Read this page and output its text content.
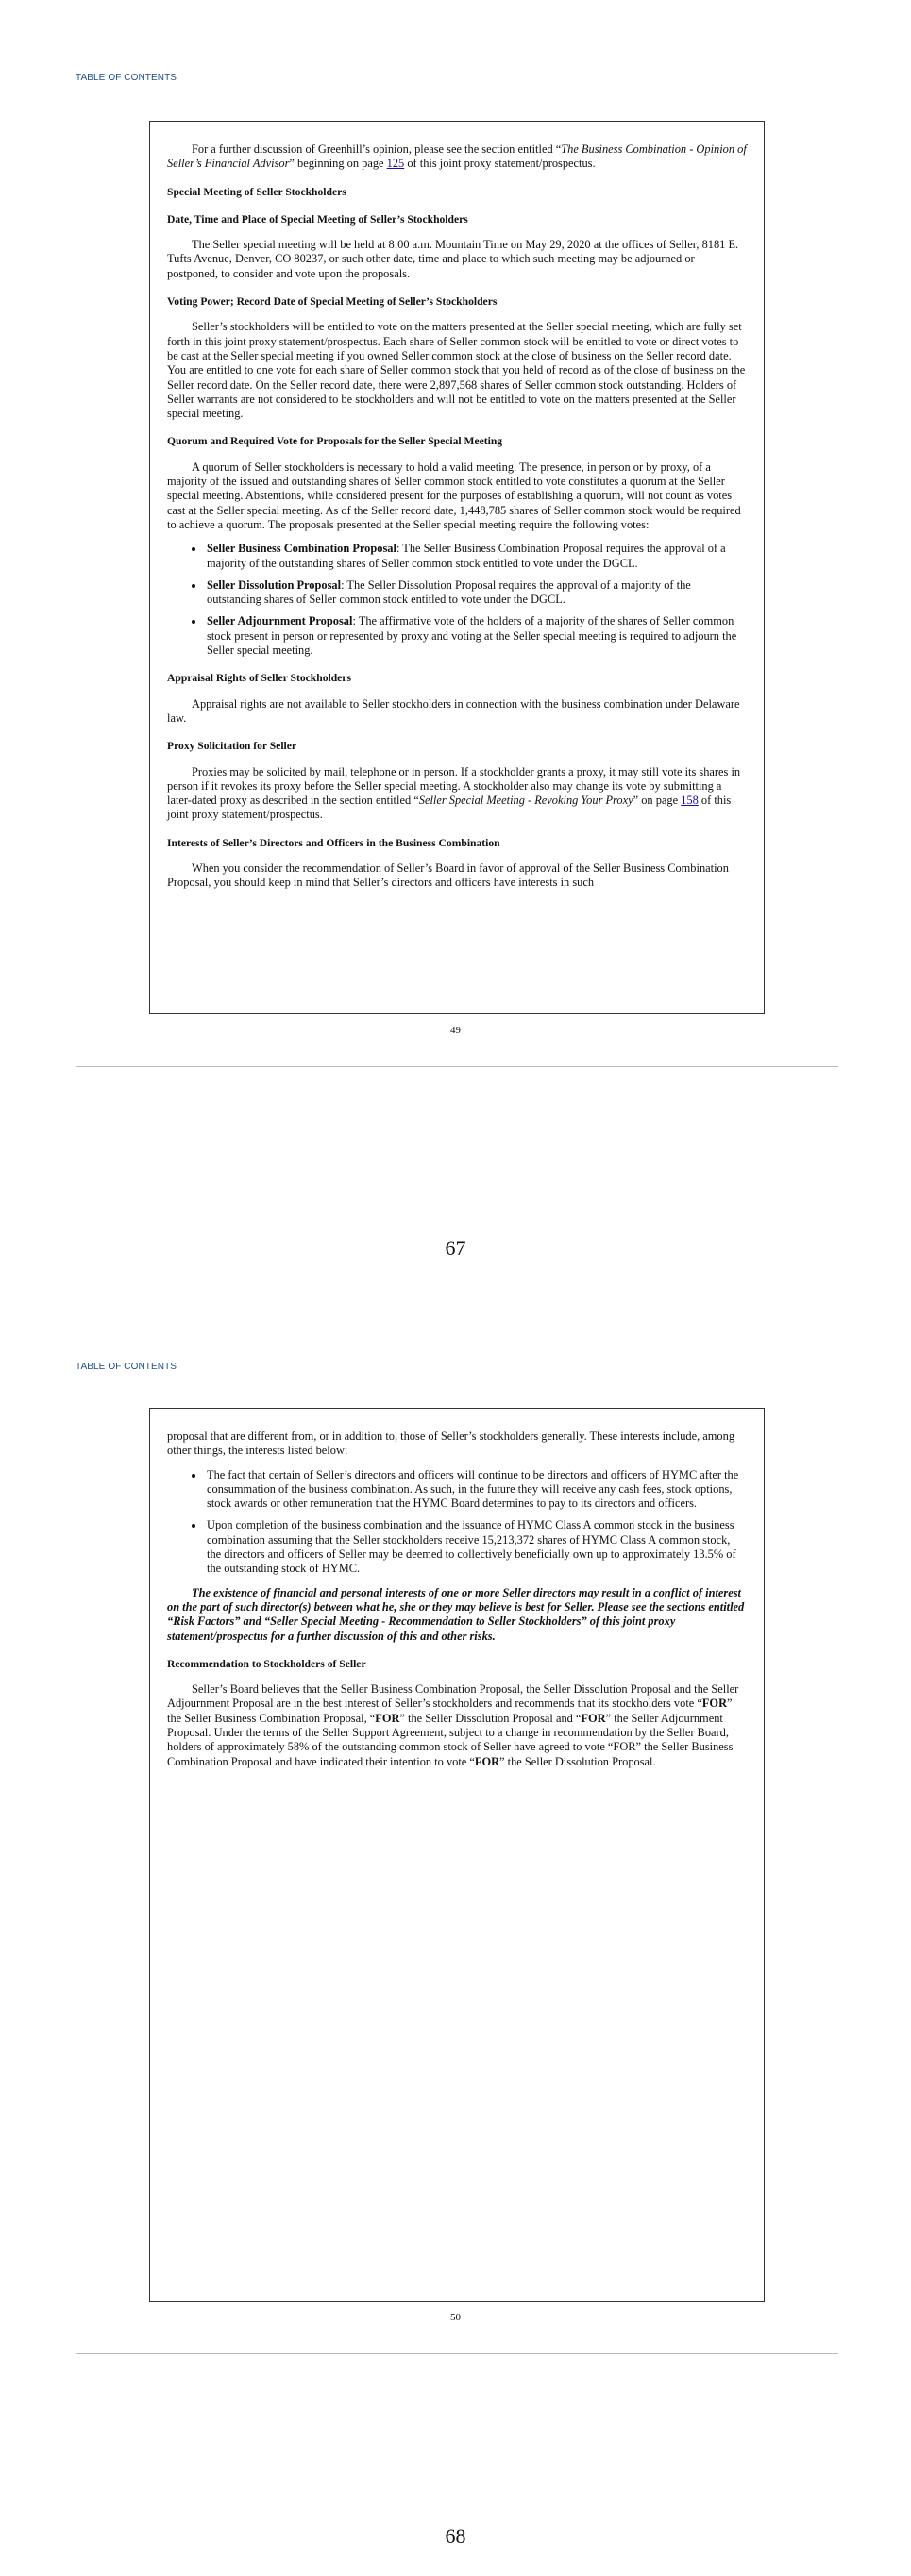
TABLE OF CONTENTS

For a further discussion of Greenhill’s opinion, please see the section entitled “The Business Combination - Opinion of Seller’s Financial Advisor” beginning on page 125 of this joint proxy statement/prospectus.

Special Meeting of Seller Stockholders
Date, Time and Place of Special Meeting of Seller’s Stockholders

The Seller special meeting will be held at 8:00 a.m. Mountain Time on May 29, 2020 at the offices of Seller, 8181 E. Tufts Avenue, Denver, CO 80237, or such other date, time and place to which such meeting may be adjourned or postponed, to consider and vote upon the proposals.

Voting Power; Record Date of Special Meeting of Seller’s Stockholders

Seller’s stockholders will be entitled to vote on the matters presented at the Seller special meeting, which are fully set forth in this joint proxy statement/prospectus. Each share of Seller common stock will be entitled to vote or direct votes to be cast at the Seller special meeting if you owned Seller common stock at the close of business on the Seller record date. You are entitled to one vote for each share of Seller common stock that you held of record as of the close of business on the Seller record date. On the Seller record date, there were 2,897,568 shares of Seller common stock outstanding. Holders of Seller warrants are not considered to be stockholders and will not be entitled to vote on the matters presented at the Seller special meeting.

Quorum and Required Vote for Proposals for the Seller Special Meeting

A quorum of Seller stockholders is necessary to hold a valid meeting. The presence, in person or by proxy, of a majority of the issued and outstanding shares of Seller common stock entitled to vote constitutes a quorum at the Seller special meeting. Abstentions, while considered present for the purposes of establishing a quorum, will not count as votes cast at the Seller special meeting. As of the Seller record date, 1,448,785 shares of Seller common stock would be required to achieve a quorum. The proposals presented at the Seller special meeting require the following votes:

• Seller Business Combination Proposal: The Seller Business Combination Proposal requires the approval of a majority of the outstanding shares of Seller common stock entitled to vote under the DGCL.
• Seller Dissolution Proposal: The Seller Dissolution Proposal requires the approval of a majority of the outstanding shares of Seller common stock entitled to vote under the DGCL.
• Seller Adjournment Proposal: The affirmative vote of the holders of a majority of the shares of Seller common stock present in person or represented by proxy and voting at the Seller special meeting is required to adjourn the Seller special meeting.
Appraisal Rights of Seller Stockholders

Appraisal rights are not available to Seller stockholders in connection with the business combination under Delaware law.

Proxy Solicitation for Seller

Proxies may be solicited by mail, telephone or in person. If a stockholder grants a proxy, it may still vote its shares in person if it revokes its proxy before the Seller special meeting. A stockholder also may change its vote by submitting a later-dated proxy as described in the section entitled “Seller Special Meeting - Revoking Your Proxy” on page 158 of this joint proxy statement/prospectus.

Interests of Seller’s Directors and Officers in the Business Combination

When you consider the recommendation of Seller’s Board in favor of approval of the Seller Business Combination Proposal, you should keep in mind that Seller’s directors and officers have interests in such

49
67
TABLE OF CONTENTS

proposal that are different from, or in addition to, those of Seller’s stockholders generally. These interests include, among other things, the interests listed below:

• The fact that certain of Seller’s directors and officers will continue to be directors and officers of HYMC after the consummation of the business combination. As such, in the future they will receive any cash fees, stock options, stock awards or other remuneration that the HYMC Board determines to pay to its directors and officers.
• Upon completion of the business combination and the issuance of HYMC Class A common stock in the business combination assuming that the Seller stockholders receive 15,213,372 shares of HYMC Class A common stock, the directors and officers of Seller may be deemed to collectively beneficially own up to approximately 13.5% of the outstanding stock of HYMC.

The existence of financial and personal interests of one or more Seller directors may result in a conflict of interest on the part of such director(s) between what he, she or they may believe is best for Seller. Please see the sections entitled “Risk Factors” and “Seller Special Meeting - Recommendation to Seller Stockholders” of this joint proxy statement/prospectus for a further discussion of this and other risks.

Recommendation to Stockholders of Seller

Seller’s Board believes that the Seller Business Combination Proposal, the Seller Dissolution Proposal and the Seller Adjournment Proposal are in the best interest of Seller’s stockholders and recommends that its stockholders vote “FOR” the Seller Business Combination Proposal, “FOR” the Seller Dissolution Proposal and “FOR” the Seller Adjournment Proposal. Under the terms of the Seller Support Agreement, subject to a change in recommendation by the Seller Board, holders of approximately 58% of the outstanding common stock of Seller have agreed to vote “FOR” the Seller Business Combination Proposal and have indicated their intention to vote “FOR” the Seller Dissolution Proposal.

50
68
